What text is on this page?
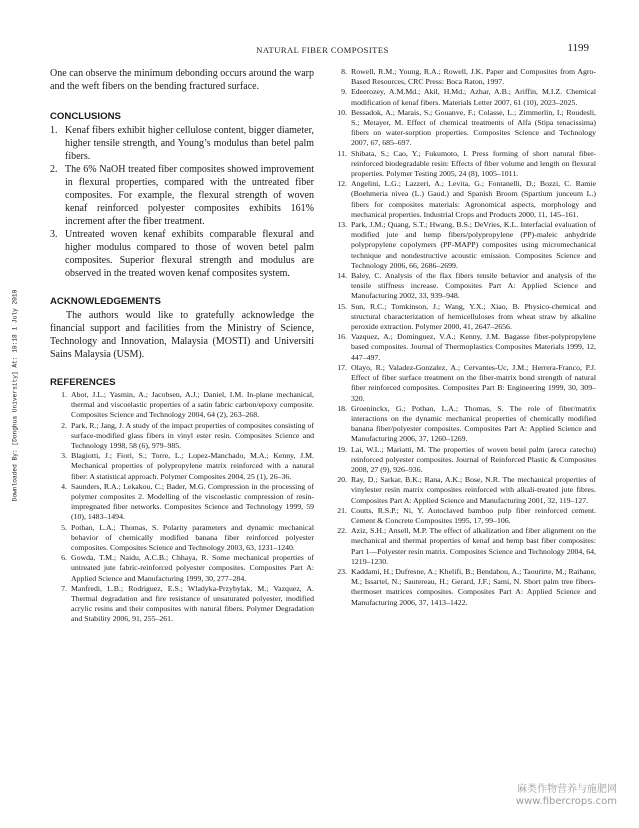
NATURAL FIBER COMPOSITES	1199
Downloaded By: [Donghua University] At: 10:18 1 July 2010

One can observe the minimum debonding occurs around the warp and the weft fibers on the bending fractured surface.

CONCLUSIONS
1. Kenaf fibers exhibit higher cellulose content, bigger diameter, higher tensile strength, and Young’s modulus than betel palm fibers.
2. The 6% NaOH treated fiber composites showed improvement in flexural properties, compared with the untreated fiber composites. For example, the flexural strength of woven kenaf reinforced polyester composites exhibits 161% increment after the fiber treatment.
3. Untreated woven kenaf exhibits comparable flexural and higher modulus compared to those of woven betel palm composites. Superior flexural strength and modulus are observed in the treated woven kenaf composites system.
ACKNOWLEDGEMENTS

The authors would like to gratefully acknowledge the financial support and facilities from the Ministry of Science, Technology and Innovation, Malaysia (MOSTI) and Universiti Sains Malaysia (USM).

REFERENCES
1. Abot, J.L.; Yasmin, A.; Jacobsen, A.J.; Daniel, I.M. In-plane mechanical, thermal and viscoelastic properties of a satin fabric carbon/epoxy composite. Composites Science and Technology 2004, 64 (2), 263–268.
2. Park, R.; Jang, J. A study of the impact properties of composites consisting of surface-modified glass fibers in vinyl ester resin. Composites Science and Technology 1998, 58 (6), 979–985.
3. Blagiotti, J.; Fiori, S.; Torre, L.; Lopez-Manchado, M.A.; Kenny, J.M. Mechanical properties of polypropylene matrix reinforced with a natural fiber: A statistical approach. Polymer Composites 2004, 25 (1), 26–36.
4. Saunders, R.A.; Lekakou, C.; Bader, M.G. Compression in the processing of polymer composites 2. Modelling of the viscoelastic compression of resin-impregnated fiber networks. Composites Science and Technology 1999, 59 (10), 1483–1494.
5. Pothan, L.A.; Thomas, S. Polarity parameters and dynamic mechanical behavior of chemically modified banana fiber reinforced polyester composites. Composites Science and Technology 2003, 63, 1231–1240.
6. Gowda, T.M.; Naidu, A.C.B.; Chhaya, R. Some mechanical properties of untreated jute fabric-reinforced polyester composites. Composites Part A: Applied Science and Manufacturing 1999, 30, 277–284.
7. Manfredi, L.B.; Rodriguez, E.S.; Wladyka-Przybylak, M.; Vazquez, A. Thermal degradation and fire resistance of unsaturated polyester, modified acrylic resins and their composites with natural fibers. Polymer Degradation and Stability 2006, 91, 255–261.
8. Rowell, R.M.; Young, R.A.; Rowell, J.K. Paper and Composites from Agro-Based Resources, CRC Press: Boca Raton, 1997.
9. Edeerozey, A.M.Md.; Akil, H.Md.; Azhar, A.B.; Ariffin, M.I.Z. Chemical modification of kenaf fibers. Materials Letter 2007, 61 (10), 2023–2025.
10. Bessadok, A.; Marais, S.; Gouanve, F.; Colasse, L.; Zimmerlin, I.; Roudesli, S.; Metayer, M. Effect of chemical treatments of Alfa (Stipa tenacissima) fibers on water-sorption properties. Composites Science and Technology 2007, 67, 685–697.
11. Shibata, S.; Cao, Y.; Fukumoto, I. Press forming of short natural fiber-reinforced biodegradable resin: Effects of fiber volume and length on flexural properties. Polymer Testing 2005, 24 (8), 1005–1011.
12. Angelini, L.G.; Lazzeri, A.; Levita, G.; Fontanelli, D.; Bozzi, C. Ramie (Boehmeria nivea (L.) Gaud.) and Spanish Broom (Spartium junceum L.) fibers for composites materials: Agronomical aspects, morphology and mechanical properties. Industrial Crops and Products 2000, 11, 145–161.
13. Park, J.M.; Quang, S.T.; Hwang, B.S.; DeVries, K.L. Interfacial evaluation of modified jute and hemp fibers/polypropylene (PP)-maleic anhydride polypropylene copolymers (PP-MAPP) composites using micromechanical technique and nondestructive acoustic emission. Composites Science and Technology 2006, 66, 2686–2699.
14. Baley, C. Analysis of the flax fibers tensile behavior and analysis of the tensile stiffness increase. Composites Part A: Applied Science and Manufacturing 2002, 33, 939–948.
15. Sun, R.C.; Tomkinson, J.; Wang, Y.X.; Xiao, B. Physico-chemical and structural characterization of hemicelluloses from wheat straw by alkaline peroxide extraction. Polymer 2000, 41, 2647–2656.
16. Vazquez, A.; Dominguez, V.A.; Kenny, J.M. Bagasse fiber-polypropylene based composites. Journal of Thermoplastics Composites Materials 1999, 12, 447–497.
17. Olayo, R.; Valadez-Gonzalez, A.; Cervantes-Uc, J.M.; Herrera-Franco, P.J. Effect of fiber surface treatment on the fiber-matrix bond strength of natural fiber reinforced composites. Composites Part B: Engineering 1999, 30, 309–320.
18. Groeninckx, G.; Pothan, L.A.; Thomas, S. The role of fiber/matrix interactions on the dynamic mechanical properties of chemically modified banana fiber/polyester composites. Composites Part A: Applied Science and Manufacturing 2006, 37, 1260–1269.
19. Lai, W.L.; Mariatti, M. The properties of woven betel palm (areca catechu) reinforced polyester composites. Journal of Reinforced Plastic & Composites 2008, 27 (9), 926–936.
20. Ray, D.; Sarkar, B.K.; Rana, A.K.; Bose, N.R. The mechanical properties of vinylester resin matrix composites reinforced with alkali-treated jute fibres. Composites Part A: Applied Science and Manufacturing 2001, 32, 119–127.
21. Coutts, R.S.P.; Ni, Y. Autoclaved bamboo pulp fiber reinforced cement. Cement & Concrete Composites 1995, 17, 99–106.
22. Aziz, S.H.; Ansell, M.P. The effect of alkalization and fiber alignment on the mechanical and thermal properties of kenaf and hemp bast fiber composites: Part 1—Polyester resin matrix. Composites Science and Technology 2004, 64, 1219–1230.
23. Kaddami, H.; Dufresne, A.; Khelifi, B.; Bendahou, A.; Taourirte, M.; Raihane, M.; Issartel, N.; Sautereau, H.; Gerard, J.F.; Sami, N. Short palm tree fibers-thermoset matrices composites. Composites Part A: Applied Science and Manufacturing 2006, 37, 1413–1422.
麻类作物营养与施肥网
www.fibercrops.com
